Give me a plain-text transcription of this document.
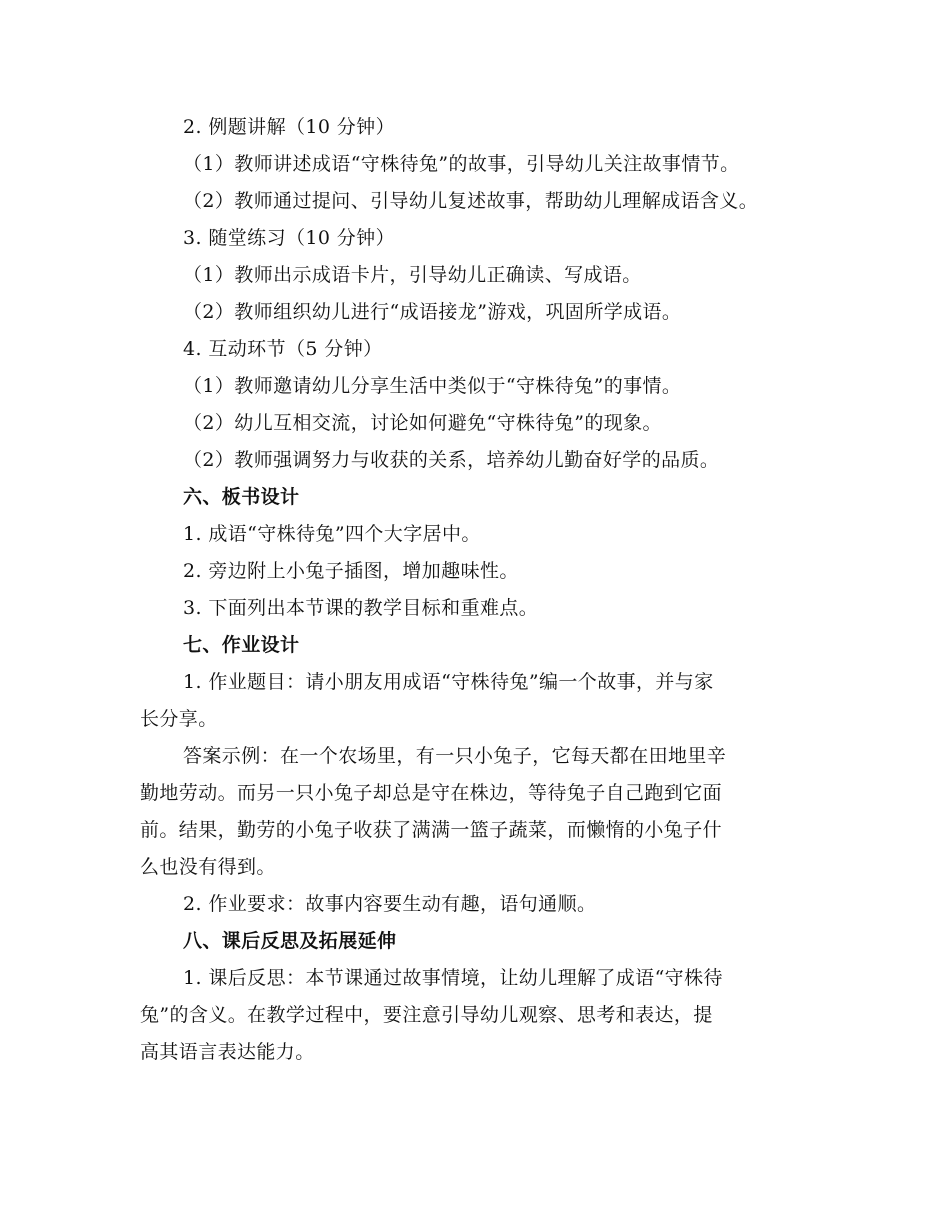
2. 例题讲解（10 分钟）
（1）教师讲述成语“守株待兔”的故事，引导幼儿关注故事情节。
（2）教师通过提问、引导幼儿复述故事，帮助幼儿理解成语含义。
3. 随堂练习（10 分钟）
（1）教师出示成语卡片，引导幼儿正确读、写成语。
（2）教师组织幼儿进行“成语接龙”游戏，巩固所学成语。
4. 互动环节（5 分钟）
（1）教师邀请幼儿分享生活中类似于“守株待兔”的事情。
（2）幼儿互相交流，讨论如何避免“守株待兔”的现象。
（2）教师强调努力与收获的关系，培养幼儿勤奋好学的品质。
六、板书设计
1. 成语“守株待兔”四个大字居中。
2. 旁边附上小兔子插图，增加趣味性。
3. 下面列出本节课的教学目标和重难点。
七、作业设计
1. 作业题目：请小朋友用成语“守株待兔”编一个故事，并与家
长分享。
答案示例：在一个农场里，有一只小兔子，它每天都在田地里辛
勤地劳动。而另一只小兔子却总是守在株边，等待兔子自己跑到它面
前。结果，勤劳的小兔子收获了满满一篮子蔬菜，而懒惰的小兔子什
么也没有得到。
2. 作业要求：故事内容要生动有趣，语句通顺。
八、课后反思及拓展延伸
1. 课后反思：本节课通过故事情境，让幼儿理解了成语“守株待
兔”的含义。在教学过程中，要注意引导幼儿观察、思考和表达，提
高其语言表达能力。
